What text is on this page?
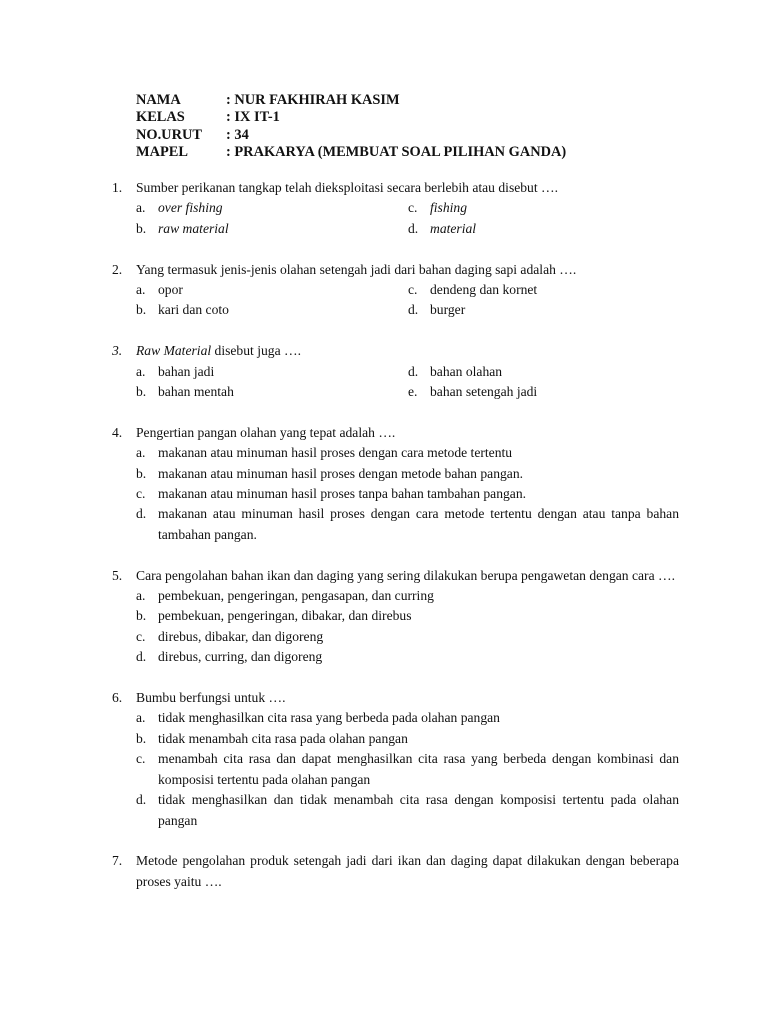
NAMA	: NUR FAKHIRAH KASIM
KELAS	: IX IT-1
NO.URUT	: 34
MAPEL	: PRAKARYA (MEMBUAT SOAL PILIHAN GANDA)
1.	Sumber perikanan tangkap telah dieksploitasi secara berlebih atau disebut ….
a. over fishing	c. fishing
b. raw material	d. material
2.	Yang termasuk jenis-jenis olahan setengah jadi dari bahan daging sapi adalah ….
a. opor	c. dendeng dan kornet
b. kari dan coto	d. burger
3.	Raw Material disebut juga ….
a. bahan jadi	d. bahan olahan
b. bahan mentah	e. bahan setengah jadi
4.	Pengertian pangan olahan yang tepat adalah ….
a. makanan atau minuman hasil proses dengan cara metode tertentu
b. makanan atau minuman hasil proses dengan metode bahan pangan.
c. makanan atau minuman hasil proses tanpa bahan tambahan pangan.
d. makanan atau minuman hasil proses dengan cara metode tertentu dengan atau tanpa bahan tambahan pangan.
5.	Cara pengolahan bahan ikan dan daging yang sering dilakukan berupa pengawetan dengan cara ….
a. pembekuan, pengeringan, pengasapan, dan curring
b. pembekuan, pengeringan, dibakar, dan direbus
c. direbus, dibakar, dan digoreng
d. direbus, curring, dan digoreng
6.	Bumbu berfungsi untuk ….
a. tidak menghasilkan cita rasa yang berbeda pada olahan pangan
b. tidak menambah cita rasa pada olahan pangan
c. menambah cita rasa dan dapat menghasilkan cita rasa yang berbeda dengan kombinasi dan komposisi tertentu pada olahan pangan
d. tidak menghasilkan dan tidak menambah cita rasa dengan komposisi tertentu pada olahan pangan
7.	Metode pengolahan produk setengah jadi dari ikan dan daging dapat dilakukan dengan beberapa proses yaitu ….
